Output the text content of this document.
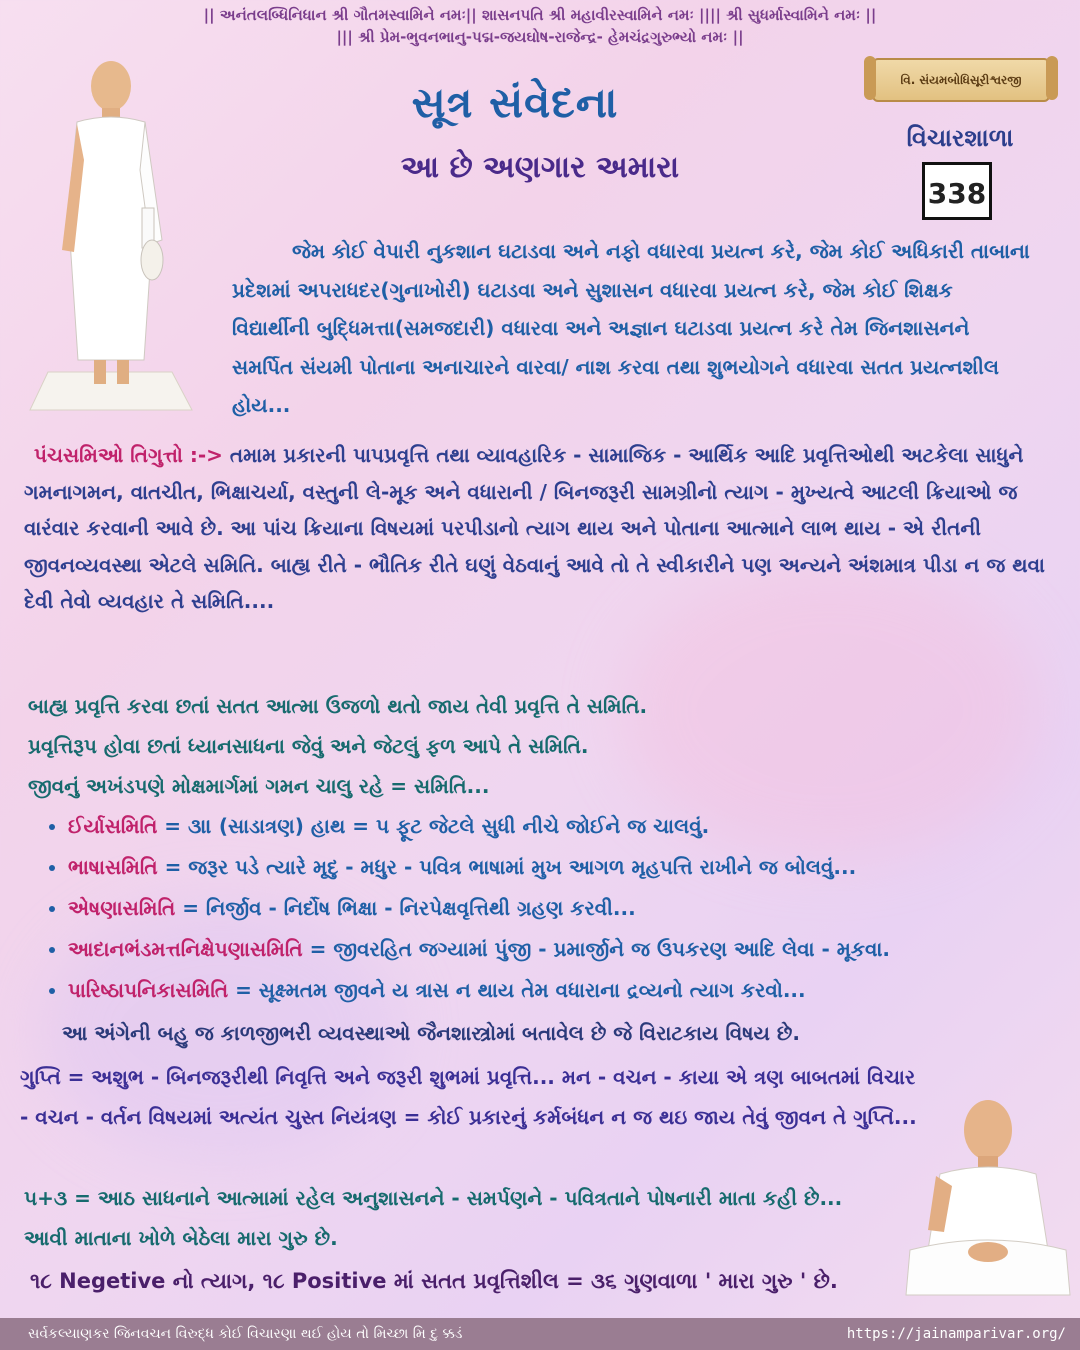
|| અનંતલબ્ધિનિધાન શ્રી ગૌતમસ્વામિને નમઃ|| શાસનપતિ શ્રી મહાવીરસ્વામિને નમઃ |||| શ્રી સુધર્માસ્વામિને નમઃ ||
||| શ્રી પ્રેમ-ભુવનભાનુ-પદ્મ-જયઘોષ-રાજેન્દ્ર- હેમચંદ્રગુરુભ્યો નમઃ ||
સૂત્ર સંવેદના
આ છે અણગાર અમારા
વિ. સંયમબોધિસૂરીશ્વરજી
વિચારશાળા
338
જેમ કોઈ વેપારી નુકશાન ઘટાડવા અને નફો વધારવા પ્રયત્ન કરે, જેમ કોઈ અધિકારી તાબાના પ્રદેશમાં અપરાધદર(ગુનાખોરી) ઘટાડવા અને સુશાસન વધારવા પ્રયત્ન કરે, જેમ કોઈ શિક્ષક વિદ્યાર્થીની બુદ્ધિમત્તા(સમજદારી) વધારવા અને અજ્ઞાન ઘટાડવા પ્રયત્ન કરે તેમ જિનશાસનને સમર્પિત સંયમી પોતાના અનાચારને વારવા/ નાશ કરવા તથા શુભયોગને વધારવા સતત પ્રયત્નશીલ હોય...
પંચસમિઓ તિગુત્તો :-> તમામ પ્રકારની પાપપ્રવૃત્તિ તથા વ્યાવહારિક - સામાજિક - આર્થિક આદિ પ્રવૃત્તિઓથી અટકેલા સાધુને ગમનાગમન, વાતચીત, ભિક્ષાચર્યા, વસ્તુની લે-મૂક અને વધારાની / બિનજરૂરી સામગ્રીનો ત્યાગ - મુખ્યત્વે આટલી ક્રિયાઓ જ વારંવાર કરવાની આવે છે. આ પાંચ ક્રિયાના વિષયમાં પરપીડાનો ત્યાગ થાય અને પોતાના આત્માને લાભ થાય - એ રીતની જીવનવ્યવસ્થા એટલે સમિતિ. બાહ્ય રીતે - ભૌતિક રીતે ઘણું વેઠવાનું આવે તો તે સ્વીકારીને પણ અન્યને અંશમાત્ર પીડા ન જ થવા દેવી તેવો વ્યવહાર તે સમિતિ....
બાહ્ય પ્રવૃત્તિ કરવા છતાં સતત આત્મા ઉજળો થતો જાય તેવી પ્રવૃત્તિ તે સમિતિ.
પ્રવૃત્તિરૂપ હોવા છતાં ધ્યાનસાધના જેવું અને જેટલું ફળ આપે તે સમિતિ.
જીવનું અખંડપણે મોક્ષમાર્ગમાં ગમન ચાલુ રહે = સમિતિ...
• ઈર્યાસમિતિ = ૩॥ (સાડાત્રણ) હાથ = ૫ ફૂટ જેટલે સુધી નીચે જોઈને જ ચાલવું.
• ભાષાસમિતિ = જરૂર પડે ત્યારે મૃદુ - મધુર - પવિત્ર ભાષામાં મુખ આગળ મૃહપત્તિ રાખીને જ બોલવું...
• એષણાસમિતિ = નિર્જીવ - નિર્દોષ ભિક્ષા - નિરપેક્ષવૃત્તિથી ગ્રહણ કરવી...
• આદાનભંડમત્તનિક્ષેપણાસમિતિ = જીવરહિત જગ્યામાં પુંજી - પ્રમાર્જીને જ ઉપકરણ આદિ લેવા - મૂકવા.
• પારિષ્ઠાપનિકાસમિતિ = સૂક્ષ્મતમ જીવને ય ત્રાસ ન થાય તેમ વધારાના દ્રવ્યનો ત્યાગ કરવો...
આ અંગેની બહુ જ કાળજીભરી વ્યવસ્થાઓ જૈનશાસ્ત્રોમાં બતાવેલ છે જે વિરાટકાય વિષય છે.
ગુપ્તિ = અશુભ - બિનજરૂરીથી નિવૃત્તિ અને જરૂરી શુભમાં પ્રવૃત્તિ... મન - વચન - કાયા એ ત્રણ બાબતમાં વિચાર - વચન - વર્તન વિષયમાં અત્યંત ચુસ્ત નિયંત્રણ = કોઈ પ્રકારનું કર્મબંધન ન જ થઇ જાય તેવું જીવન તે ગુપ્તિ...
૫+૩ = આઠ સાધનાને આત્મામાં રહેલ અનુશાસનને - સમર્પણને - પવિત્રતાને પોષનારી માતા કહી છે...
આવી માતાના ખોળે બેઠેલા મારા ગુરુ છે.
૧૮ Negetive નો ત્યાગ, ૧૮ Positive માં સતત પ્રવૃત્તિશીલ = ૩૬ ગુણવાળા ' મારા ગુરુ ' છે.
સર્વકલ્યાણકર જિનવચન વિરુદ્ધ કોઈ વિચારણા થઈ હોય તો મિચ્છા મિ દુ ક્કડં	https://jainamparivar.org/
